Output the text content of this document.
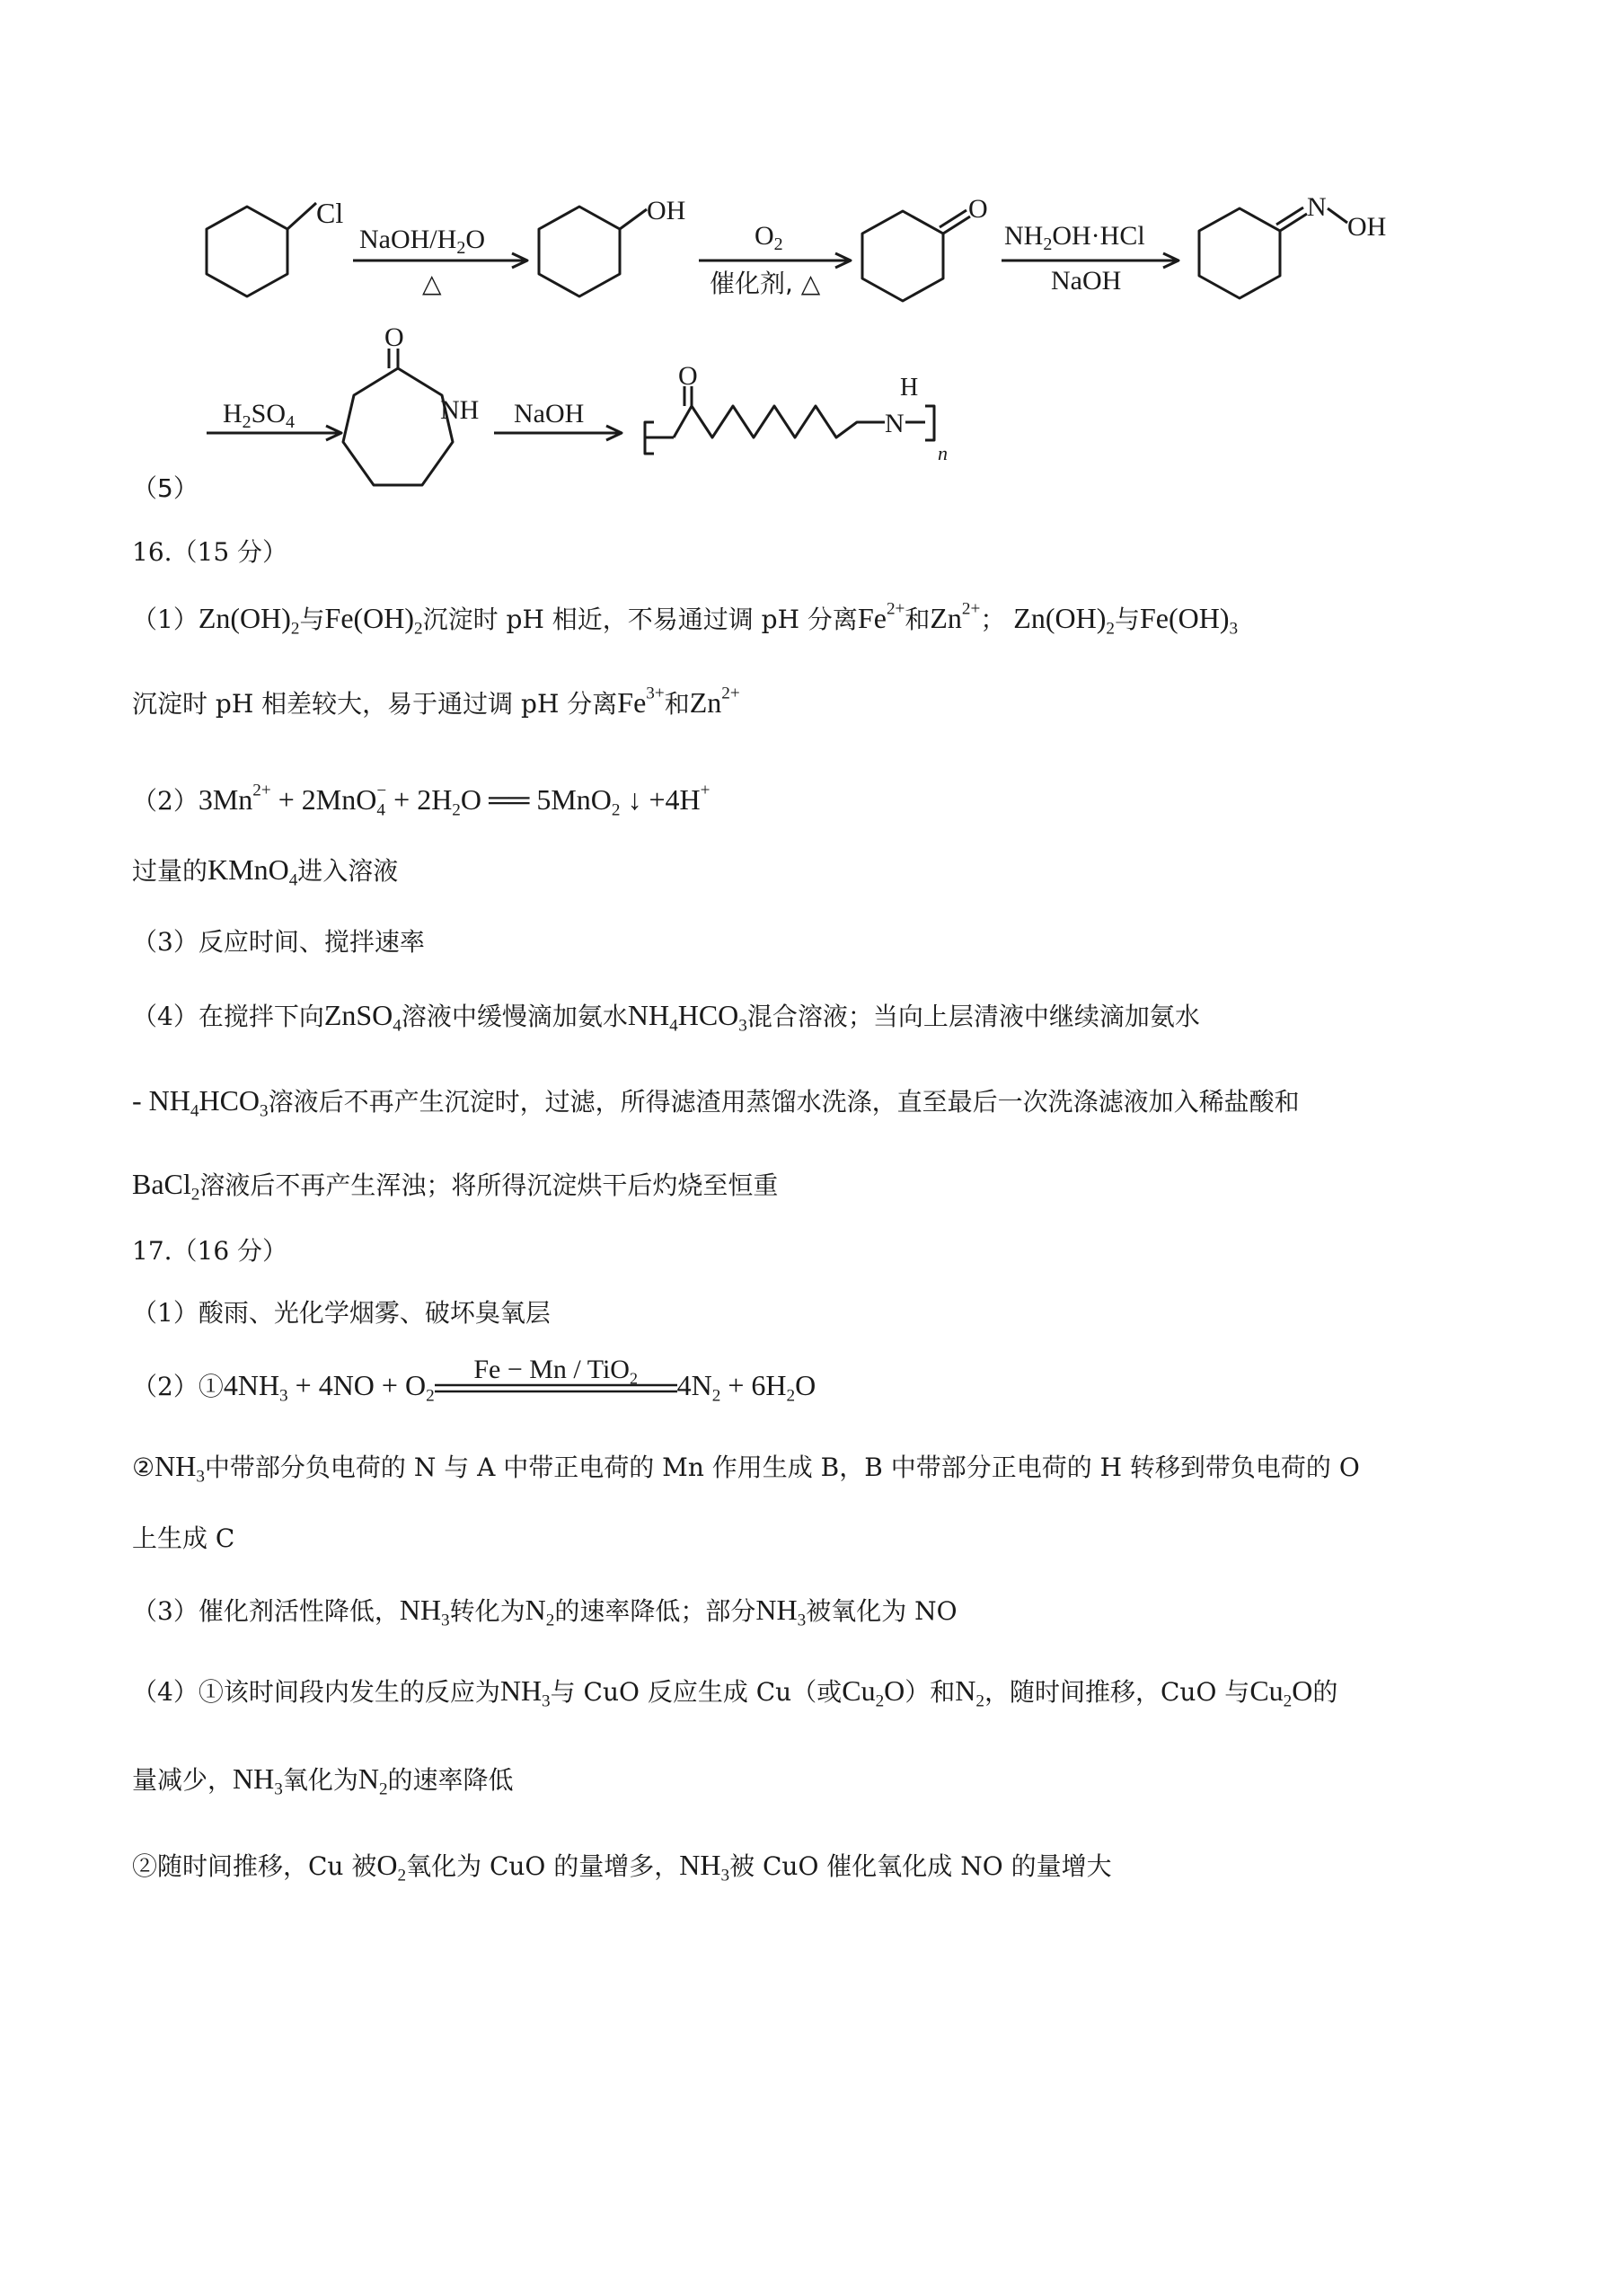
Cl	OH	O	N
OH
O
NH
O	H
N
n
NaOH/$H_2O$
△
$O_2$
催化剂, △
$NH_2OH\cdot HCl$
NaOH
$H_2SO_4$	NaOH
（5）
16.（15 分）
$(1)Zn(OH)_2$与$Fe(OH)_2$沉淀时 pH 相近，不易通过调 pH 分离$Fe^{2+}$和$Zn^{2+}$； $Zn(OH)_2$与$Fe(OH)_3$
沉淀时 pH 相差较大，易于通过调 pH 分离$Fe^{3+}$和$Zn^{2+}$
$(2)3Mn^{2+} + 2MnO_4^- + 2H_2O$ ══ 5MnO$_2$ ↓ +4H+
过量的KMnO$_4$进入溶液
（3）反应时间、搅拌速率
（4）在搅拌下向ZnSO$_4$溶液中缓慢滴加氨水$NH_4HCO_3$混合溶液；当向上层清液中继续滴加氨水
- $NH_4HCO_3$溶液后不再产生沉淀时，过滤，所得滤渣用蒸馏水洗涤，直至最后一次洗涤滤液加入稀盐酸和
BaCl$_2$溶液后不再产生浑浊；将所得沉淀烘干后灼烧至恒重
17.（16 分）
（1）酸雨、光化学烟雾、破坏臭氧层
$(2)①4NH_3 + 4NO + O_2$
Fe − Mn / TiO$_2$	$4N_2 + 6H_2O$
$②NH_3$中带部分负电荷的 N 与 A 中带正电荷的 Mn 作用生成 B，B 中带部分正电荷的 H 转移到带负电荷的 O
上生成 C
（3）催化剂活性降低，$NH_3$转化为$N_2$的速率降低；部分$NH_3$被氧化为 NO
（4）①该时间段内发生的反应为$NH_3$与 CuO 反应生成 Cu（或$Cu_2O$）和$N_2$，随时间推移，CuO 与$Cu_2O$的
量减少，$NH_3$氧化为$N_2$的速率降低
②随时间推移，Cu 被$O_2$氧化为 CuO 的量增多，$NH_3$被 CuO 催化氧化成 NO 的量增大
